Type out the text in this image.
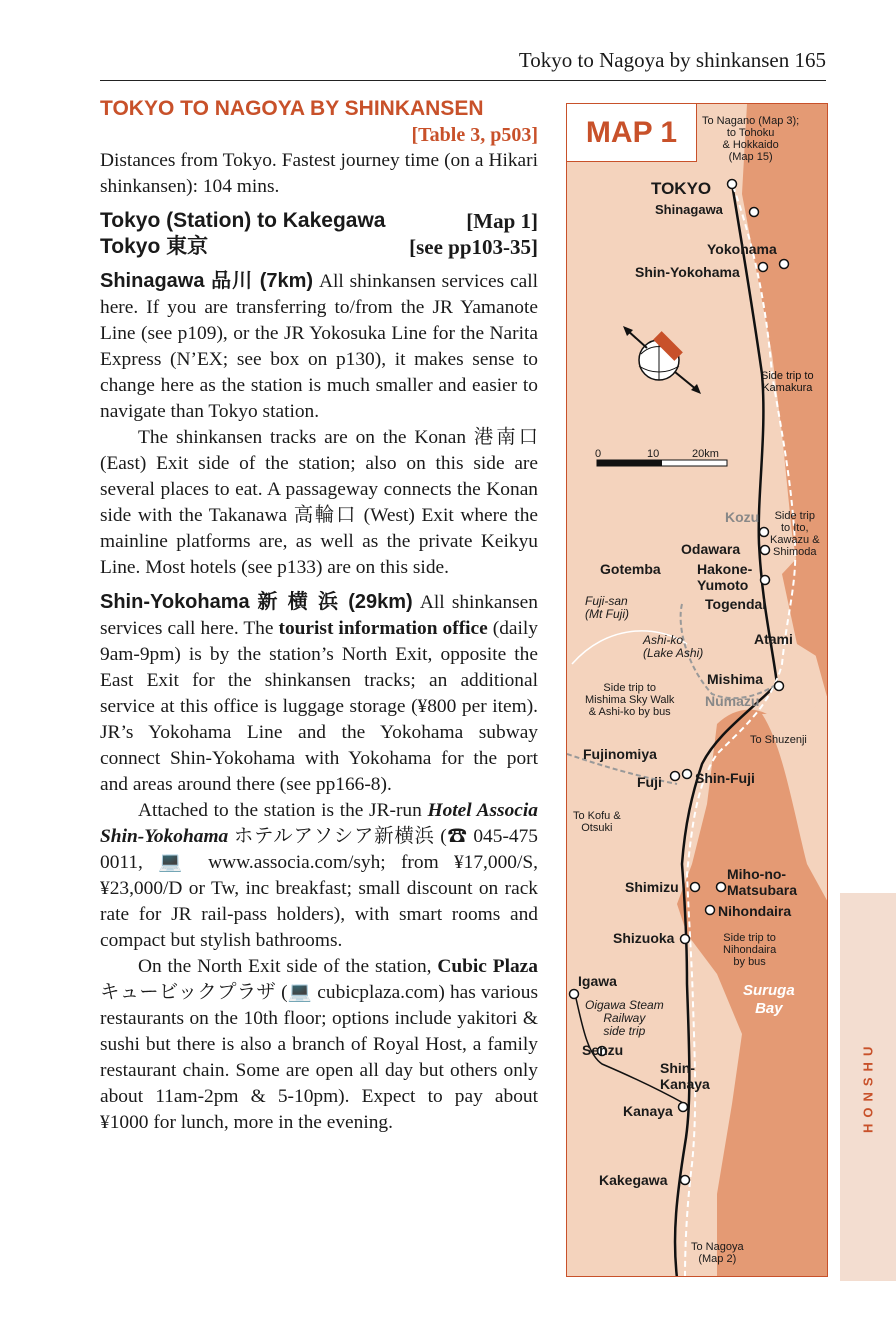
Tokyo to Nagoya by shinkansen 165
TOKYO TO NAGOYA BY SHINKANSEN
[Table 3, p503]

Distances from Tokyo. Fastest journey time (on a Hikari shinkansen): 104 mins.

Tokyo (Station) to Kakegawa	[Map 1]
Tokyo 東京	[see pp103-35]

Shinagawa 品川 (7km) All shinkansen services call here. If you are transferring to/from the JR Yamanote Line (see p109), or the JR Yokosuka Line for the Narita Express (N’EX; see box on p130), it makes sense to change here as the station is much smaller and easier to navigate than Tokyo station.

The shinkansen tracks are on the Konan 港南口 (East) Exit side of the station; also on this side are several places to eat. A passageway connects the Konan side with the Takanawa 高輪口 (West) Exit where the mainline platforms are, as well as the private Keikyu Line. Most hotels (see p133) are on this side.

Shin-Yokohama 新 横 浜 (29km) All shinkansen services call here. The tourist information office (daily 9am-9pm) is by the station’s North Exit, opposite the East Exit for the shinkansen tracks; an additional service at this office is luggage storage (¥800 per item). JR’s Yokohama Line and the Yokohama subway connect Shin-Yokohama with Yokohama for the port and areas around there (see pp166-8).

Attached to the station is the JR-run Hotel Associa Shin-Yokohama ホテルアソシア新横浜 (☎ 045-475 0011, 💻 www.associa.com/syh; from ¥17,000/S, ¥23,000/D or Tw, inc breakfast; small discount on rack rate for JR rail-pass holders), with smart rooms and compact but stylish bathrooms.

On the North Exit side of the station, Cubic Plaza キュービックプラザ (💻 cubicplaza.com) has various restaurants on the 10th floor; options include yakitori & sushi but there is also a branch of Royal Host, a family restaurant chain. Some are open all day but others only about 11am-2pm & 5-10pm). Expect to pay about ¥1000 for lunch, more in the evening.

MAP 1	To Nagano (Map 3);
to Tohoku
& Hokkaido
(Map 15)
TOKYO
Shinagawa
Yokohama
Shin-Yokohama
Side trip to
Kamakura
0	10	20km
Kozu	Side trip
to Ito,
Kawazu &
Shimoda
Odawara
Gotemba	Hakone-
Yumoto
Togendai
Fuji-san
(Mt Fuji)
Atami
Ashi-ko
(Lake Ashi)
Mishima
Side trip to
Mishima Sky Walk
& Ashi-ko by bus
Numazu
To Shuzenji
Fujinomiya
Fuji Shin-Fuji
To Kofu &
Otsuki
Shimizu
Miho-no-
Matsubara
Nihondaira
Shizuoka	Side trip to
Nihondaira
by bus
Igawa
Suruga
Bay
Oigawa Steam
Railway
side trip
Senzu
Shin-
Kanaya
Kanaya
Kakegawa
To Nagoya
(Map 2)
HONSHU
